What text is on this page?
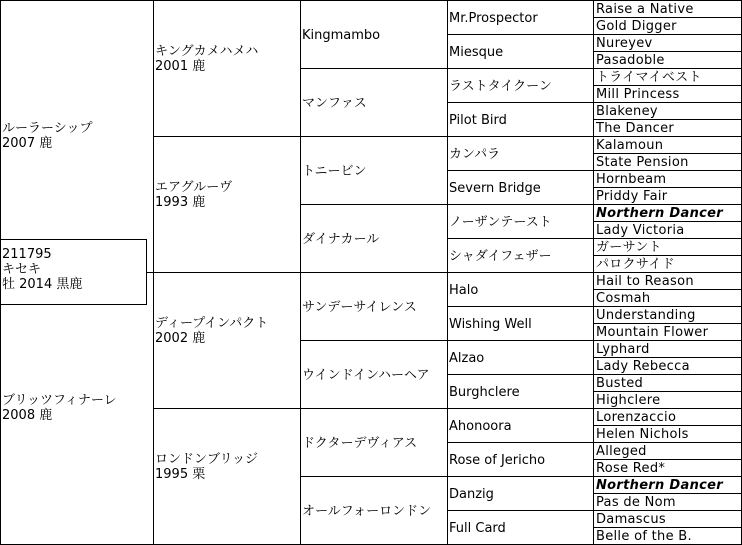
ルーラーシップ
2007 鹿
ブリッツフィナーレ
2008 鹿
211795
キセキ
牡 2014 黒鹿
キングカメハメハ
2001 鹿
エアグルーヴ
1993 鹿
ディープインパクト
2002 鹿
ロンドンブリッジ
1995 栗
Kingmambo
マンファス
トニービン
ダイナカール
サンデーサイレンス
ウインドインハーヘア
ドクターデヴィアス
オールフォーロンドン
Mr.Prospector
Miesque
ラストタイクーン
Pilot Bird
カンパラ
Severn Bridge
ノーザンテースト
シャダイフェザー
Halo
Wishing Well
Alzao
Burghclere
Ahonoora
Rose of Jericho
Danzig
Full Card
Raise a Native
Gold Digger
Nureyev
Pasadoble
トライマイベスト
Mill Princess
Blakeney
The Dancer
Kalamoun
State Pension
Hornbeam
Priddy Fair
Northern Dancer
Lady Victoria
ガーサント
パロクサイド
Hail to Reason
Cosmah
Understanding
Mountain Flower
Lyphard
Lady Rebecca
Busted
Highclere
Lorenzaccio
Helen Nichols
Alleged
Rose Red*
Northern Dancer
Pas de Nom
Damascus
Belle of the B.
